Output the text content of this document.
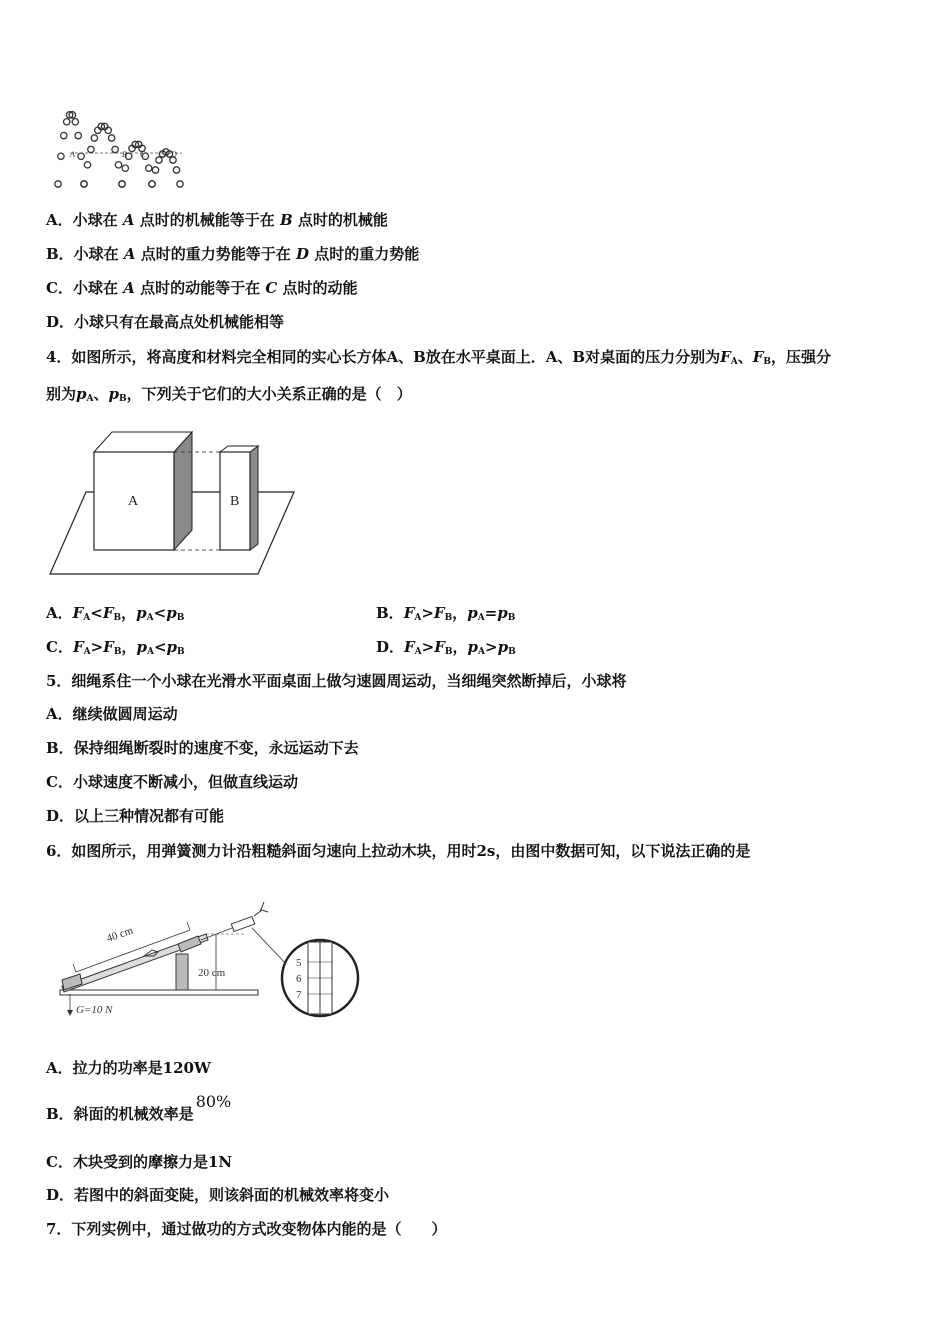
A	B C	D
A．小球在 A 点时的机械能等于在 B 点时的机械能
B．小球在 A 点时的重力势能等于在 D 点时的重力势能
C．小球在 A 点时的动能等于在 C 点时的动能
D．小球只有在最高点处机械能相等
4．如图所示，将高度和材料完全相同的实心长方体A、B放在水平桌面上．A、B对桌面的压力分别为$F_A$、$F_B$，压强分
别为$p_A$、$p_B$，下列关于它们的大小关系正确的是（　）
A	B
A．$F_A<F_B$，$p_A<p_B$	B．$F_A>F_B$，$p_A=p_B$
C．$F_A>F_B$，$p_A<p_B$	D．$F_A>F_B$，$p_A>p_B$
5．细绳系住一个小球在光滑水平面桌面上做匀速圆周运动，当细绳突然断掉后，小球将
A．继续做圆周运动
B．保持细绳断裂时的速度不变，永远运动下去
C．小球速度不断减小，但做直线运动
D．以上三种情况都有可能
6．如图所示，用弹簧测力计沿粗糙斜面匀速向上拉动木块，用时2s，由图中数据可知，以下说法正确的是
40 cm
20 cm
G=10 N
5
6
7
A．拉力的功率是120W
B．斜面的机械效率是80%
C．木块受到的摩擦力是1N
D．若图中的斜面变陡，则该斜面的机械效率将变小
7．下列实例中，通过做功的方式改变物体内能的是（　　）
